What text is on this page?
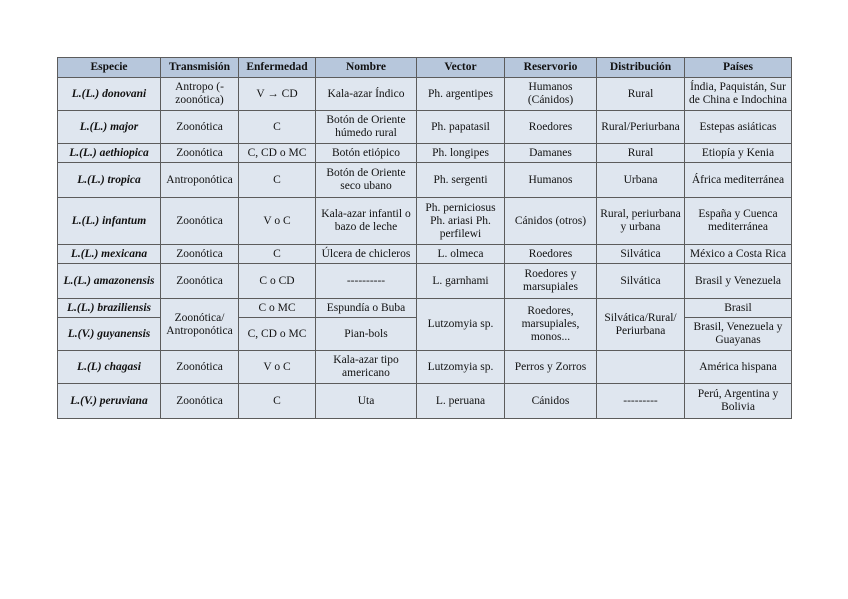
Especie	Transmisión	Enfermedad	Nombre	Vector	Reservorio	Distribución	Países
L.(L.) donovani	Antropo (-zoonótica)	V → CD	Kala-azar Índico	Ph. argentipes	Humanos (Cánidos)	Rural	Índia, Paquistán, Sur de China e Indochina
L.(L.) major	Zoonótica	C	Botón de Oriente húmedo rural	Ph. papatasil	Roedores	Rural/Periurbana	Estepas asiáticas
L.(L.) aethiopica	Zoonótica	C, CD o MC	Botón etiópico	Ph. longipes	Damanes	Rural	Etiopía y Kenia
L.(L.) tropica	Antroponótica	C	Botón de Oriente seco ubano	Ph. sergenti	Humanos	Urbana	África mediterránea
L.(L.) infantum	Zoonótica	V o C	Kala-azar infantil o bazo de leche	Ph. perniciosus Ph. ariasi Ph. perfilewi	Cánidos (otros)	Rural, periurbana y urbana	España y Cuenca mediterránea
L.(L.) mexicana	Zoonótica	C	Úlcera de chicleros	L. olmeca	Roedores	Silvática	México a Costa Rica
L.(L.) amazonensis	Zoonótica	C o CD	----------	L. garnhami	Roedores y marsupiales	Silvática	Brasil y Venezuela
L.(L.) braziliensis	Zoonótica/ Antroponótica	C o MC	Espundía o Buba	Lutzomyia sp.	Roedores, marsupiales, monos...	Silvática/Rural/ Periurbana	Brasil
L.(V.) guyanensis		C, CD o MC	Pian-bols				Brasil, Venezuela y Guayanas
L.(L) chagasi	Zoonótica	V o C	Kala-azar tipo americano	Lutzomyia sp.	Perros y Zorros		América hispana
L.(V.) peruviana	Zoonótica	C	Uta	L. peruana	Cánidos	---------	Perú, Argentina y Bolivia
